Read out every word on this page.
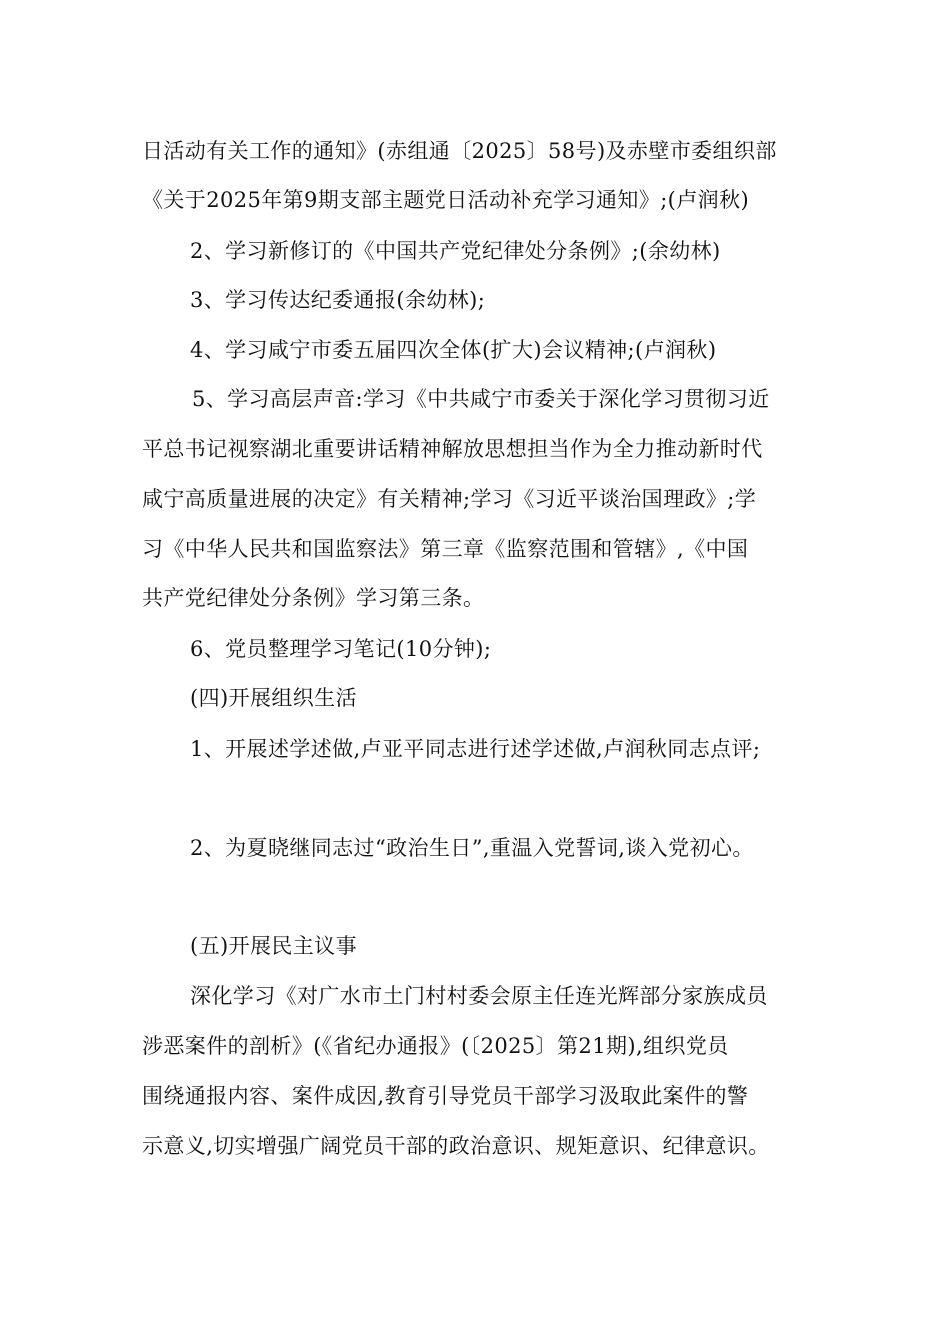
日活动有关工作的通知》(赤组通〔2025〕58号)及赤壁市委组织部
《关于2025年第9期支部主题党日活动补充学习通知》;(卢润秋)
2、学习新修订的《中国共产党纪律处分条例》;(余幼林)
3、学习传达纪委通报(余幼林);
4、学习咸宁市委五届四次全体(扩大)会议精神;(卢润秋)
5、学习高层声音:学习《中共咸宁市委关于深化学习贯彻习近
平总书记视察湖北重要讲话精神解放思想担当作为全力推动新时代
咸宁高质量进展的决定》有关精神;学习《习近平谈治国理政》;学
习《中华人民共和国监察法》第三章《监察范围和管辖》,《中国
共产党纪律处分条例》学习第三条。
6、党员整理学习笔记(10分钟);
(四)开展组织生活
1、开展述学述做,卢亚平同志进行述学述做,卢润秋同志点评;
2、为夏晓继同志过“政治生日”,重温入党誓词,谈入党初心。
(五)开展民主议事
深化学习《对广水市土门村村委会原主任连光辉部分家族成员
涉恶案件的剖析》(《省纪办通报》(〔2025〕第21期),组织党员
围绕通报内容、案件成因,教育引导党员干部学习汲取此案件的警
示意义,切实增强广阔党员干部的政治意识、规矩意识、纪律意识。
